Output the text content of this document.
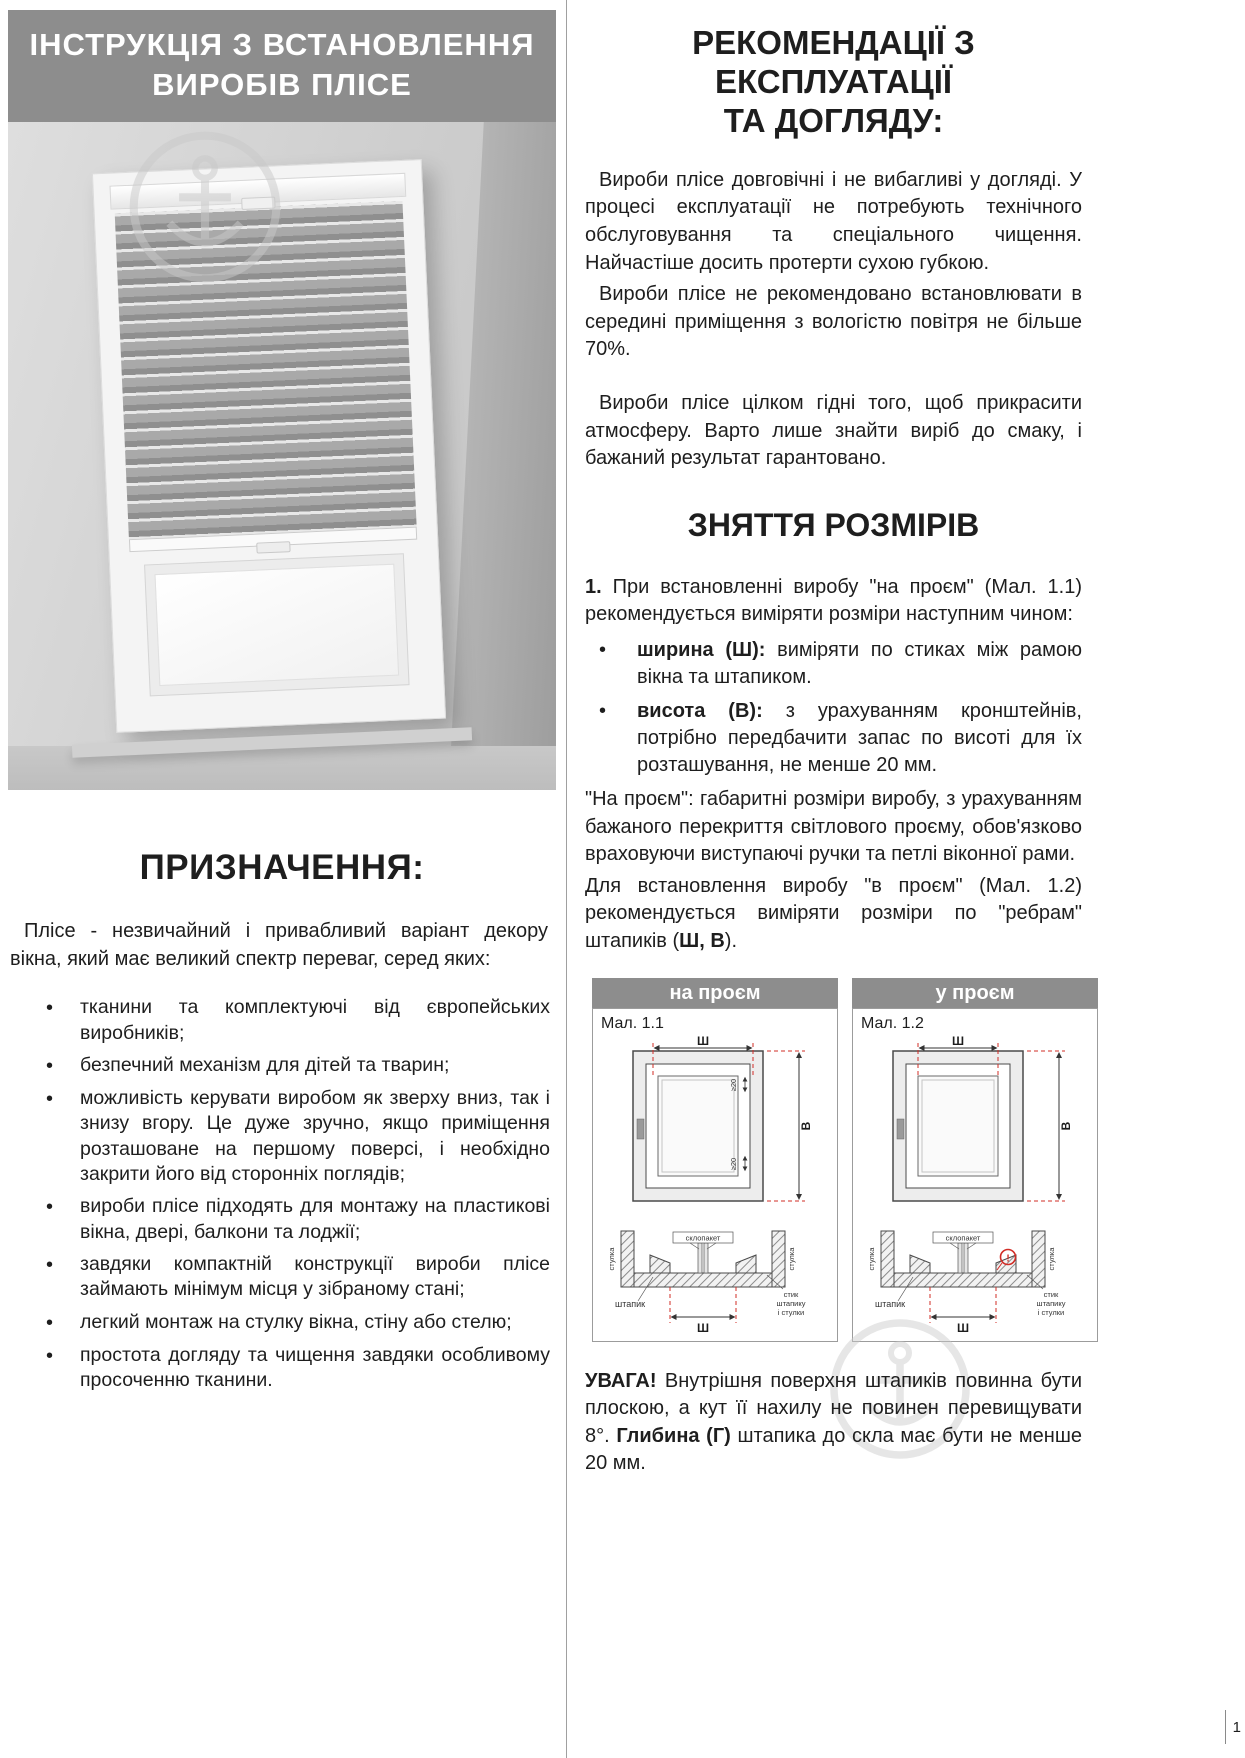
ІНСТРУКЦІЯ З ВСТАНОВЛЕННЯ
ВИРОБІВ ПЛІСЕ
ПРИЗНАЧЕННЯ:

Плісе - незвичайний і привабливий варіант декору вікна, який має великий спектр переваг, серед яких:

•	тканини та комплектуючі від європейських виробників;
•	безпечний механізм для дітей та тварин;
•	можливість керувати виробом як зверху вниз, так і знизу вгору. Це дуже зручно, якщо приміщення розташоване на першому поверсі, і необхідно закрити його від сторонніх поглядів;
•	вироби плісе підходять для монтажу на пластикові вікна, двері, балкони та лоджії;
•	завдяки компактній конструкції вироби плісе займають мінімум місця у зібраному стані;
•	легкий монтаж на стулку вікна, стіну або стелю;
•	простота догляду та чищення завдяки особливому просоченню тканини.
РЕКОМЕНДАЦІЇ З ЕКСПЛУАТАЦІЇ
ТА ДОГЛЯДУ:

Вироби плісе довговічні і не вибагливі у догляді. У процесі експлуатації не потребують технічного обслуговування та спеціального чищення. Найчастіше досить протерти сухою губкою.

Вироби плісе не рекомендовано встановлювати в середині приміщення з вологістю повітря не більше 70%.

Вироби плісе цілком гідні того, щоб прикрасити атмосферу. Варто лише знайти виріб до смаку, і бажаний результат гарантовано.

ЗНЯТТЯ РОЗМІРІВ

1. При встановленні виробу "на проєм" (Мал. 1.1) рекомендується виміряти розміри наступним чином:

•	ширина (Ш): виміряти по стиках між рамою вікна та штапиком.
•	висота (В): з урахуванням кронштейнів, потрібно передбачити запас по висоті для їх розташування, не менше 20 мм.

"На проєм": габаритні розміри виробу, з урахуванням бажаного перекриття світлового проєму, обов'язково враховуючи виступаючі ручки та петлі віконної рами.

Для встановлення виробу "в проєм" (Мал. 1.2) рекомендується виміряти розміри по "ребрам" штапиків (Ш, В).

на проєм
Мал. 1.1
Ш
В
≥20
≥20
склопакет
стулка	стулка
штапик
стик
штапику
і стулки
Ш
у проєм
Мал. 1.2
Ш
В
склопакет
!
стулка	стулка
штапик
стик
штапику
і стулки
Ш

УВАГА! Внутрішня поверхня штапиків повинна бути плоскою, а кут її нахилу не повинен перевищувати 8°. Глибина (Г) штапика до скла має бути не менше 20 мм.

1
